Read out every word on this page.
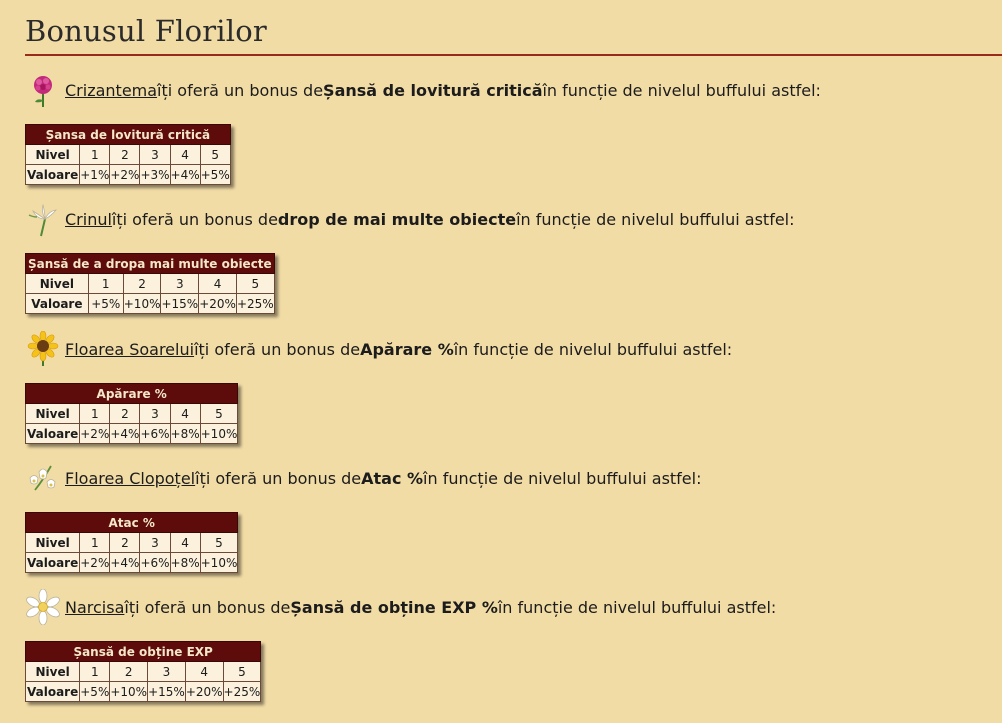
Bonusul Florilor
Crizantema îți oferă un bonus de Șansă de lovitură critică în funcție de nivelul buffului astfel:
Șansa de lovitură critică					
Nivel	1	2	3	4	5
Valoare	+1%	+2%	+3%	+4%	+5%
Crinul îți oferă un bonus de drop de mai multe obiecte în funcție de nivelul buffului astfel:
Șansă de a dropa mai multe obiecte					
Nivel	1	2	3	4	5
Valoare	+5%	+10%	+15%	+20%	+25%
Floarea Soarelui îți oferă un bonus de Apărare % în funcție de nivelul buffului astfel:
Apărare %					
Nivel	1	2	3	4	5
Valoare	+2%	+4%	+6%	+8%	+10%
Floarea Clopoțel îți oferă un bonus de Atac % în funcție de nivelul buffului astfel:
Atac %					
Nivel	1	2	3	4	5
Valoare	+2%	+4%	+6%	+8%	+10%
Narcisa îți oferă un bonus de Șansă de obține EXP % în funcție de nivelul buffului astfel:
Șansă de obține EXP					
Nivel	1	2	3	4	5
Valoare	+5%	+10%	+15%	+20%	+25%
